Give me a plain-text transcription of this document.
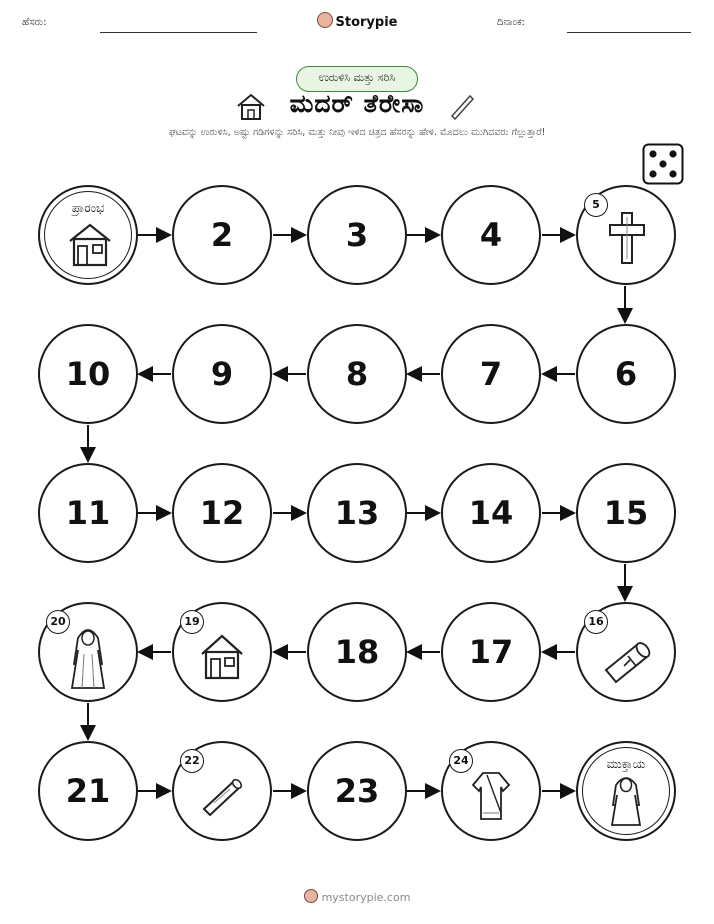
ಹೆಸರು:	Storypie	ದಿನಾಂಕ:
ಉರುಳಿಸಿ ಮತ್ತು ಸರಿಸಿ
ಮದರ್ ತೆರೇಸಾ
ಘಟವನ್ನು ಉರುಳಿಸಿ, ಅಷ್ಟು ಗಡಿಗಳನ್ನು ಸರಿಸಿ, ಮತ್ತು ನೀವು ಇಳಿದ ಚಿತ್ರದ ಹೆಸರನ್ನು ಹೇಳಿ. ಮೊದಲು ಮುಗಿದವರು ಗೆಲ್ಲುತ್ತಾರೆ!
ಪ್ರಾರಂಭ
2	3	4
5
10	9	8	7	6
11	12	13	14	15
20	19
18	17
16
21
22
23
24	ಮುಕ್ತಾಯ
mystorypie.com
